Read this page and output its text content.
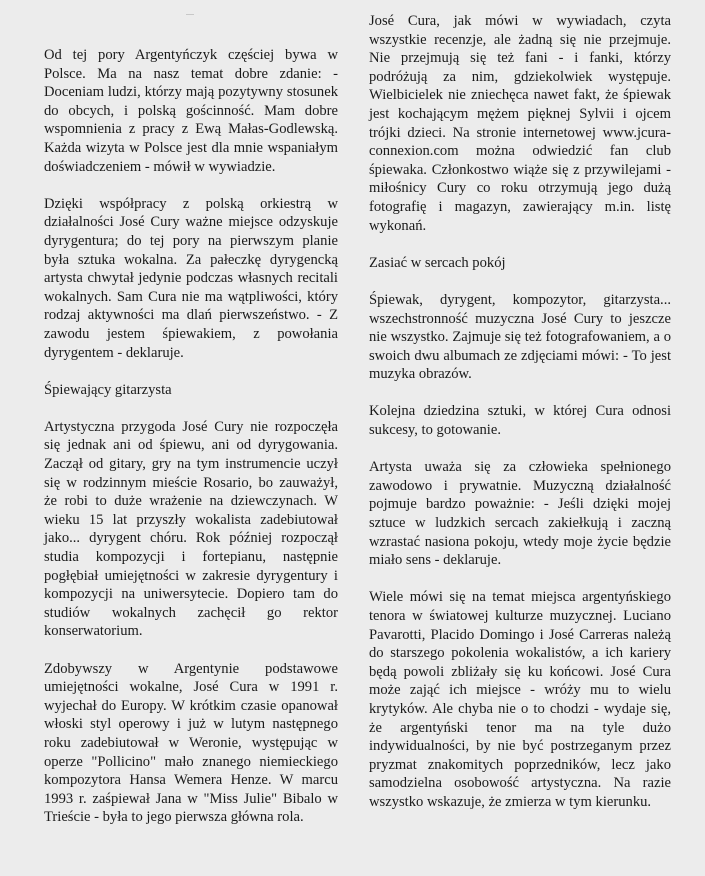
Od tej pory Argentyńczyk częściej bywa w Polsce. Ma na nasz temat dobre zdanie: - Doceniam ludzi, którzy mają pozytywny stosunek do obcych, i polską gościnność. Mam dobre wspomnienia z pracy z Ewą Małas-Godlewską. Każda wizyta w Polsce jest dla mnie wspaniałym doświadczeniem - mówił w wywiadzie.

Dzięki współpracy z polską orkiestrą w działalności José Cury ważne miejsce odzyskuje dyrygentura; do tej pory na pierwszym planie była sztuka wokalna. Za pałeczkę dyrygencką artysta chwytał jedynie podczas własnych recitali wokalnych. Sam Cura nie ma wątpliwości, który rodzaj aktywności ma dlań pierwszeństwo. - Z zawodu jestem śpiewakiem, z powołania dyrygentem - deklaruje.

Śpiewający gitarzysta

Artystyczna przygoda José Cury nie rozpoczęła się jednak ani od śpiewu, ani od dyrygowania. Zaczął od gitary, gry na tym instrumencie uczył się w rodzinnym mieście Rosario, bo zauważył, że robi to duże wrażenie na dziewczynach. W wieku 15 lat przyszły wokalista zadebiutował jako... dyrygent chóru. Rok później rozpoczął studia kompozycji i fortepianu, następnie pogłębiał umiejętności w zakresie dyrygentury i kompozycji na uniwersytecie. Dopiero tam do studiów wokalnych zachęcił go rektor konserwatorium.

Zdobywszy w Argentynie podstawowe umiejętności wokalne, José Cura w 1991 r. wyjechał do Europy. W krótkim czasie opanował włoski styl operowy i już w lutym następnego roku zadebiutował w Weronie, występując w operze "Pollicino" mało znanego niemieckiego kompozytora Hansa Wemera Henze. W marcu 1993 r. zaśpiewał Jana w "Miss Julie" Bibalo w Trieście - była to jego pierwsza główna rola.

José Cura, jak mówi w wywiadach, czyta wszystkie recenzje, ale żadną się nie przejmuje. Nie przejmują się też fani - i fanki, którzy podróżują za nim, gdziekolwiek występuje. Wielbicielek nie zniechęca nawet fakt, że śpiewak jest kochającym mężem pięknej Sylvii i ojcem trójki dzieci. Na stronie internetowej www.jcura-connexion.com można odwiedzić fan club śpiewaka. Członkostwo wiąże się z przywilejami - miłośnicy Cury co roku otrzymują jego dużą fotografię i magazyn, zawierający m.in. listę wykonań.

Zasiać w sercach pokój

Śpiewak, dyrygent, kompozytor, gitarzysta... wszechstronność muzyczna José Cury to jeszcze nie wszystko. Zajmuje się też fotografowaniem, a o swoich dwu albumach ze zdjęciami mówi: - To jest muzyka obrazów.

Kolejna dziedzina sztuki, w której Cura odnosi sukcesy, to gotowanie.

Artysta uważa się za człowieka spełnionego zawodowo i prywatnie. Muzyczną działalność pojmuje bardzo poważnie: - Jeśli dzięki mojej sztuce w ludzkich sercach zakiełkują i zaczną wzrastać nasiona pokoju, wtedy moje życie będzie miało sens - deklaruje.

Wiele mówi się na temat miejsca argentyńskiego tenora w światowej kulturze muzycznej. Luciano Pavarotti, Placido Domingo i José Carreras należą do starszego pokolenia wokalistów, a ich kariery będą powoli zbliżały się ku końcowi. José Cura może zająć ich miejsce - wróży mu to wielu krytyków. Ale chyba nie o to chodzi - wydaje się, że argentyński tenor ma na tyle dużo indywidualności, by nie być postrzeganym przez pryzmat znakomitych poprzedników, lecz jako samodzielna osobowość artystyczna. Na razie wszystko wskazuje, że zmierza w tym kierunku.
